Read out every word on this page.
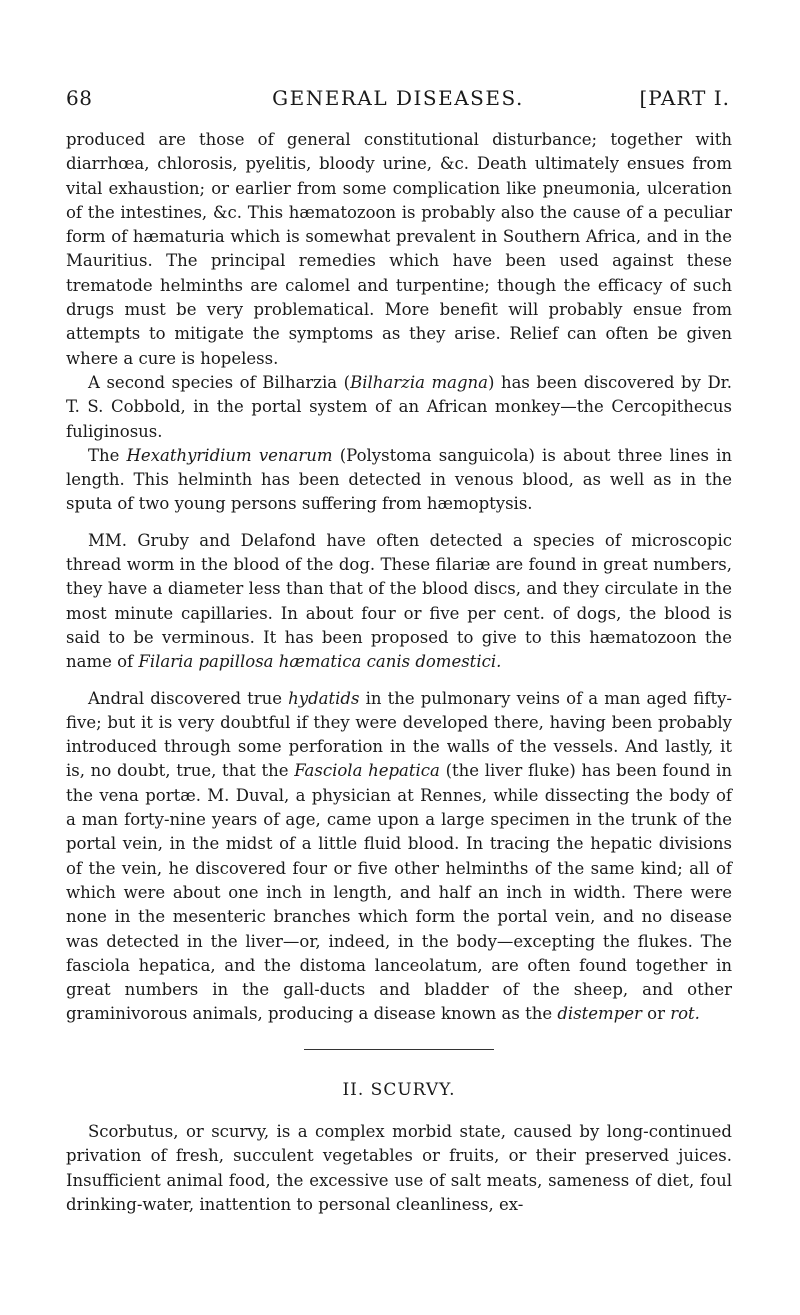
68	GENERAL DISEASES.	[PART I.

produced are those of general constitutional disturbance; together with diarrhœa, chlorosis, pyelitis, bloody urine, &c. Death ultimately ensues from vital exhaustion; or earlier from some complication like pneumonia, ulceration of the intestines, &c. This hæmatozoon is probably also the cause of a peculiar form of hæmaturia which is somewhat prevalent in Southern Africa, and in the Mauritius. The principal remedies which have been used against these trematode helminths are calomel and turpentine; though the efficacy of such drugs must be very problematical. More benefit will probably ensue from attempts to mitigate the symptoms as they arise. Relief can often be given where a cure is hopeless.

A second species of Bilharzia (Bilharzia magna) has been discovered by Dr. T. S. Cobbold, in the portal system of an African monkey—the Cercopithecus fuliginosus.

The Hexathyridium venarum (Polystoma sanguicola) is about three lines in length. This helminth has been detected in venous blood, as well as in the sputa of two young persons suffering from hæmoptysis.

MM. Gruby and Delafond have often detected a species of microscopic thread worm in the blood of the dog. These filariæ are found in great numbers, they have a diameter less than that of the blood discs, and they circulate in the most minute capillaries. In about four or five per cent. of dogs, the blood is said to be verminous. It has been proposed to give to this hæmatozoon the name of Filaria papillosa hæmatica canis domestici.

Andral discovered true hydatids in the pulmonary veins of a man aged fifty-five; but it is very doubtful if they were developed there, having been probably introduced through some perforation in the walls of the vessels. And lastly, it is, no doubt, true, that the Fasciola hepatica (the liver fluke) has been found in the vena portæ. M. Duval, a physician at Rennes, while dissecting the body of a man forty-nine years of age, came upon a large specimen in the trunk of the portal vein, in the midst of a little fluid blood. In tracing the hepatic divisions of the vein, he discovered four or five other helminths of the same kind; all of which were about one inch in length, and half an inch in width. There were none in the mesenteric branches which form the portal vein, and no disease was detected in the liver—or, indeed, in the body—excepting the flukes. The fasciola hepatica, and the distoma lanceolatum, are often found together in great numbers in the gall-ducts and bladder of the sheep, and other graminivorous animals, producing a disease known as the distemper or rot.

II. SCURVY.

Scorbutus, or scurvy, is a complex morbid state, caused by long-continued privation of fresh, succulent vegetables or fruits, or their preserved juices. Insufficient animal food, the excessive use of salt meats, sameness of diet, foul drinking-water, inattention to personal cleanliness, ex-
